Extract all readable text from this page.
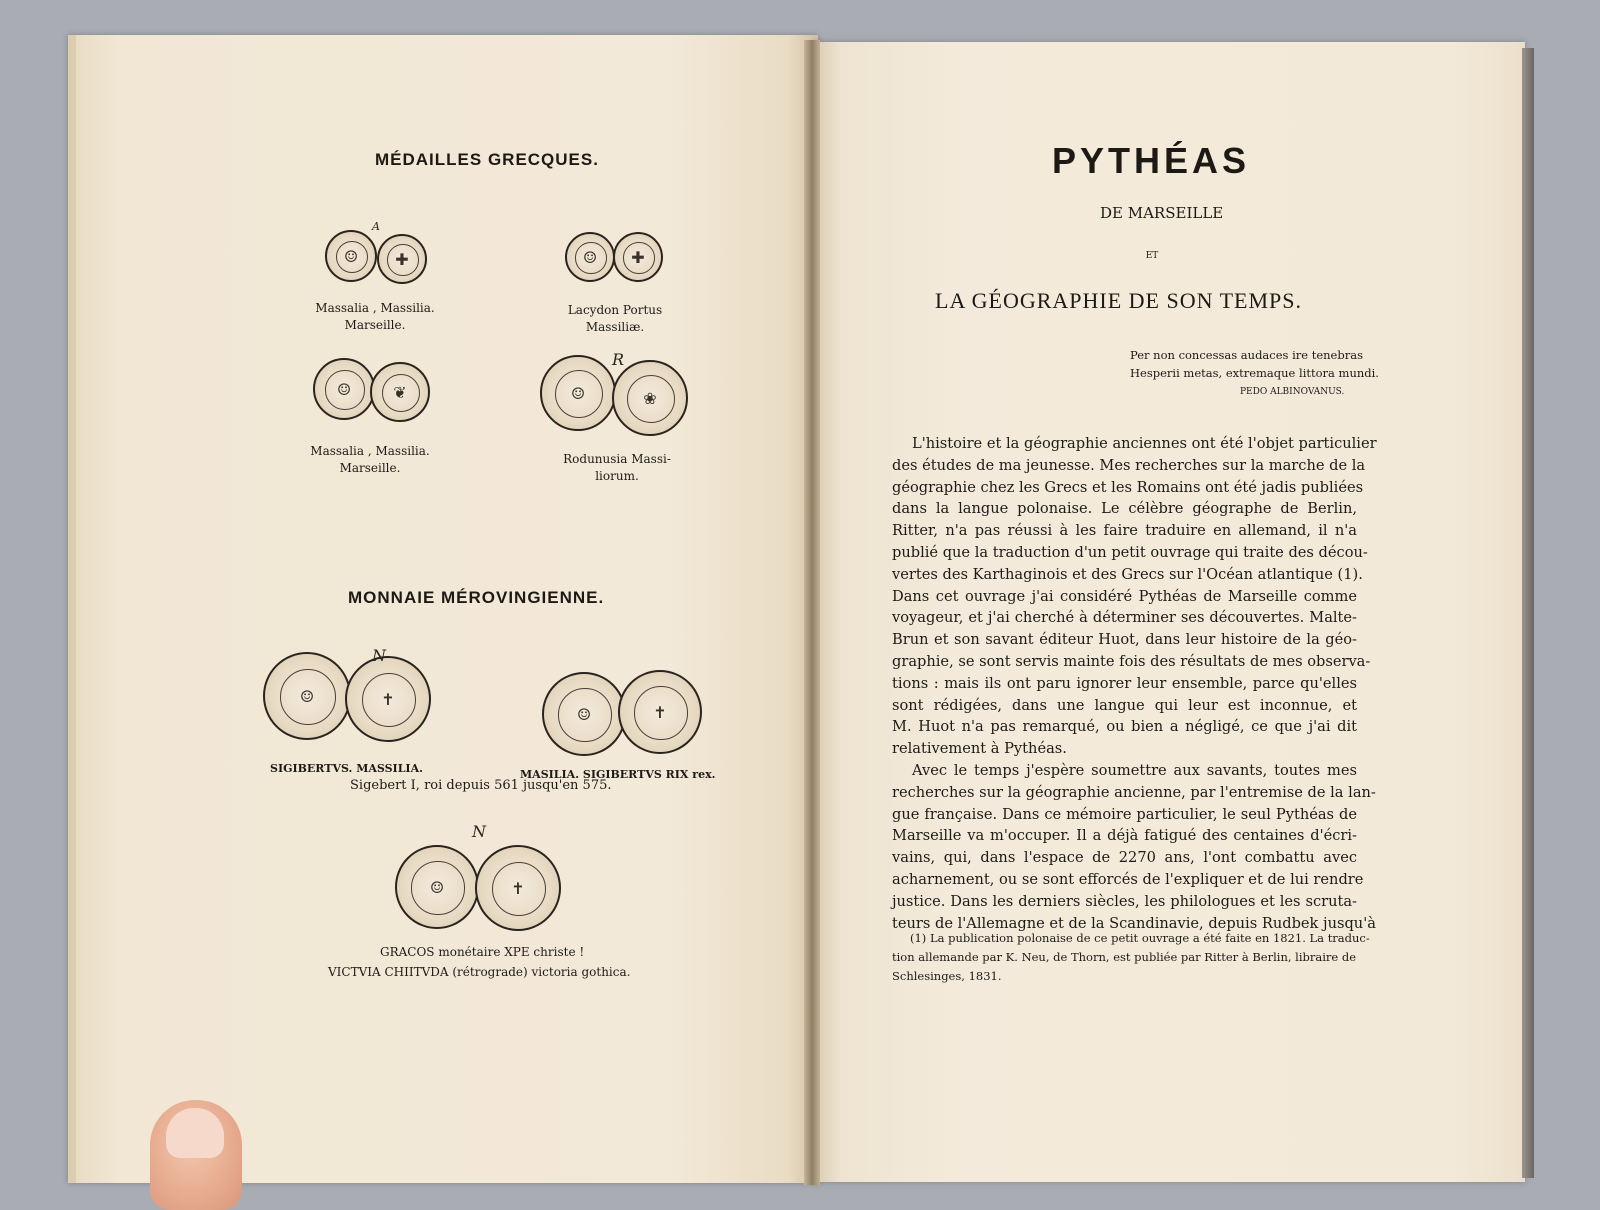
MÉDAILLES GRECQUES.
☺	✚
A
Massalia , Massilia.
Marseille.
☺	✚
Lacydon Portus
Massiliæ.
☺	❦
Massalia , Massilia.
Marseille.
☺	❀
R
Rodunusia Massi-
liorum.
MONNAIE MÉROVINGIENNE.
☺	✝
N
☺	✝
SIGIBERTVS. MASSILIA.	MASILIA. SIGIBERTVS RIX rex.
Sigebert I, roi depuis 561 jusqu'en 575.
☺	✝
N
GRACOS monétaire XPE christe !
VICTVIA CHIITVDA (rétrograde) victoria gothica.
PYTHÉAS
DE MARSEILLE
ET
LA GÉOGRAPHIE DE SON TEMPS.
Per non concessas audaces ire tenebras
Hesperii metas, extremaque littora mundi.
PEDO ALBINOVANUS.
L'histoire et la géographie anciennes ont été l'objet particulier
des études de ma jeunesse. Mes recherches sur la marche de la
géographie chez les Grecs et les Romains ont été jadis publiées
dans la langue polonaise. Le célèbre géographe de Berlin,
Ritter, n'a pas réussi à les faire traduire en allemand, il n'a
publié que la traduction d'un petit ouvrage qui traite des décou-
vertes des Karthaginois et des Grecs sur l'Océan atlantique (1).
Dans cet ouvrage j'ai considéré Pythéas de Marseille comme
voyageur, et j'ai cherché à déterminer ses découvertes. Malte-
Brun et son savant éditeur Huot, dans leur histoire de la géo-
graphie, se sont servis mainte fois des résultats de mes observa-
tions : mais ils ont paru ignorer leur ensemble, parce qu'elles
sont rédigées, dans une langue qui leur est inconnue, et
M. Huot n'a pas remarqué, ou bien a négligé, ce que j'ai dit
relativement à Pythéas.
Avec le temps j'espère soumettre aux savants, toutes mes
recherches sur la géographie ancienne, par l'entremise de la lan-
gue française. Dans ce mémoire particulier, le seul Pythéas de
Marseille va m'occuper. Il a déjà fatigué des centaines d'écri-
vains, qui, dans l'espace de 2270 ans, l'ont combattu avec
acharnement, ou se sont efforcés de l'expliquer et de lui rendre
justice. Dans les derniers siècles, les philologues et les scruta-
teurs de l'Allemagne et de la Scandinavie, depuis Rudbek jusqu'à
(1) La publication polonaise de ce petit ouvrage a été faite en 1821. La traduc-
tion allemande par K. Neu, de Thorn, est publiée par Ritter à Berlin, libraire de
Schlesinges, 1831.
